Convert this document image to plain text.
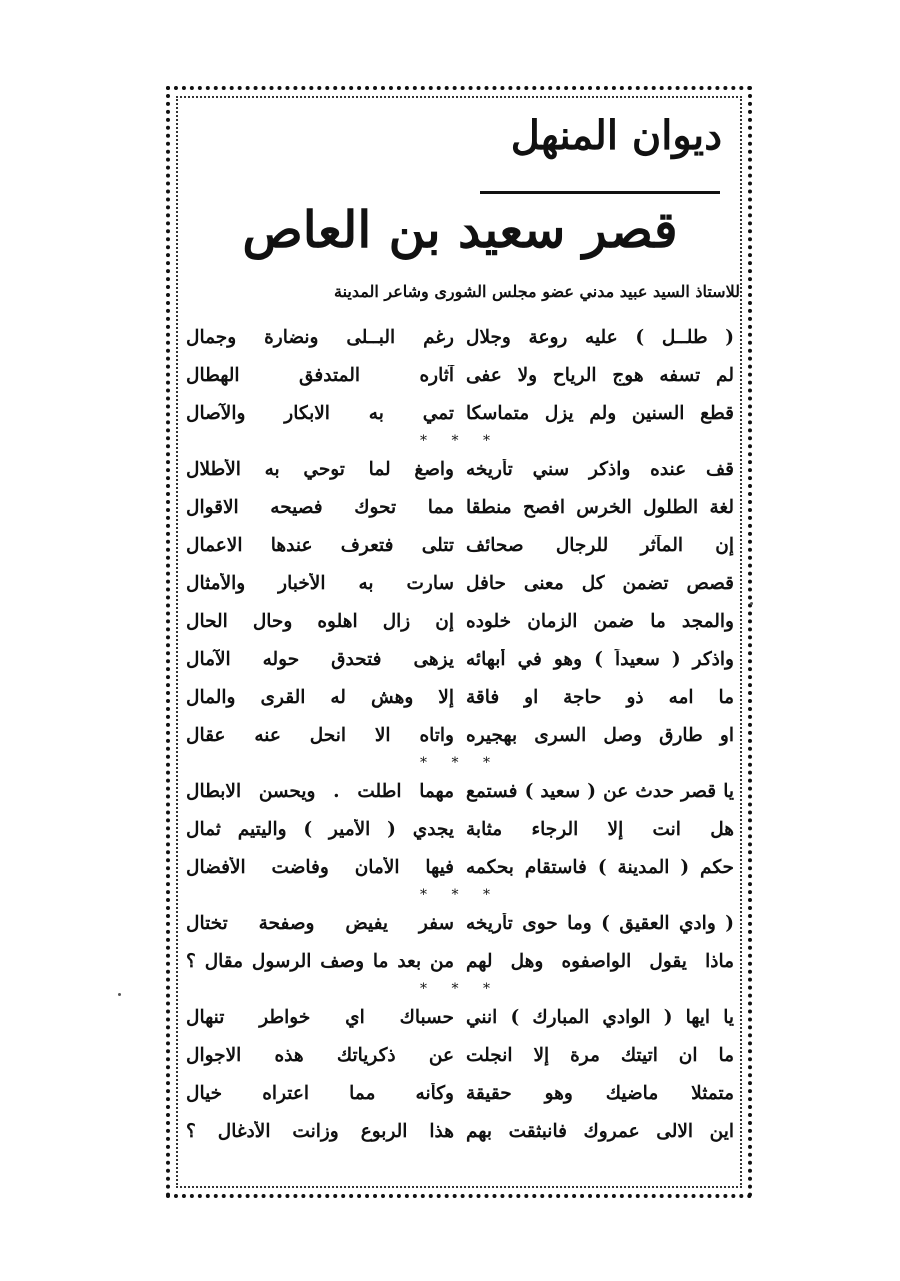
ديوان المنهل
قصر سعيد بن العاص
للاستاذ السيد عبيد مدني عضو مجلس الشورى وشاعر المدينة
( طلــل ) عليه روعة وجلال
رغم البــلى ونضارة وجمال
لم تسفه هوج الرياح ولا عفى
آثاره المتدفق الهطال
قطع السنين ولم يزل متماسكا
تمي به الابكار والآصال
* * *
قف عنده واذكر سني تأريخه
واصغ لما توحي به الأطلال
لغة الطلول الخرس افصح منطقا
مما تحوك فصيحه الاقوال
إن المآثر للرجال صحائف
تتلى فتعرف عندها الاعمال
قصص تضمن كل معنى حافل
سارت به الأخبار والأمثال
والمجد ما ضمن الزمان خلوده
إن زال اهلوه وحال الحال
واذكر ( سعيداً ) وهو في أبهائه
يزهى فتحدق حوله الآمال
ما امه ذو حاجة او فاقة
إلا وهش له القرى والمال
او طارق وصل السرى بهجيره
واتاه الا انحل عنه عقال
* * *
يا قصر حدث عن ( سعيد ) فستمع
مهما اطلت . ويحسن الابطال
هل انت إلا الرجاء مثابة
يجدي ( الأمير ) واليتيم ثمال
حكم ( المدينة ) فاستقام بحكمه
فيها الأمان وفاضت الأفضال
* * *
( وادي العقيق ) وما حوى تأريخه
سفر يفيض وصفحة تختال
ماذا يقول الواصفوه وهل لهم
من بعد ما وصف الرسول مقال ؟
* * *
يا ايها ( الوادي المبارك ) انني
حسباك اي خواطر تنهال
ما ان اتيتك مرة إلا انجلت
عن ذكرياتك هذه الاجوال
متمثلا ماضيك وهو حقيقة
وكأنه مما اعتراه خيال
اين الالى عمروك فانبثقت بهم
هذا الربوع وزانت الأدغال ؟
